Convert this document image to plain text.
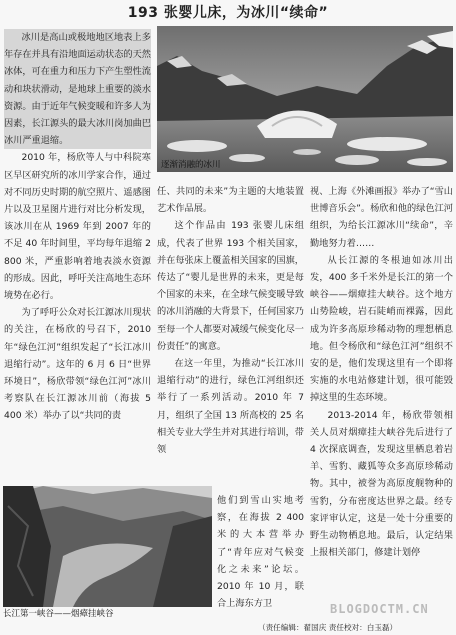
193 张婴儿床，为冰川“续命”
逐渐消融的冰川
长江第一峡谷——烟瘴挂峡谷

冰川是高山或极地地区地表上多年存在并具有沿地面运动状态的天然冰体，可在重力和压力下产生塑性流动和块状滑动，是地球上重要的淡水资源。由于近年气候变暖和许多人为因素，长江源头的最大冰川岗加曲巴冰川严重退缩。

2010 年，杨欣等人与中科院寒区早区研究所的冰川学家合作，通过对不同历史时期的航空照片、遥感图片以及卫星图片进行对比分析发现，该冰川在从 1969 年到 2007 年的不足 40 年时间里，平均每年退缩 2 800 米，严重影响着地表淡水资源的形成。因此，呼吁关注高地生态环境势在必行。

为了呼吁公众对长江源冰川现状的关注，在杨欣的号召下，2010 年“绿色江河”组织发起了“长江冰川退缩行动”。这年的 6 月 6 日“世界环境日”，杨欣带领“绿色江河”冰川考察队在长江源冰川前（海拔 5 400 米）举办了以“共同的责

任、共同的未来”为主题的大地装置艺术作品展。

这个作品由 193 张婴儿床组成，代表了世界 193 个相关国家，并在每张床上覆盖相关国家的国旗，传达了“婴儿是世界的未来，更是每个国家的未来，在全球气候变暖导致的冰川消融的大背景下，任何国家乃至每一个人都要对减缓气候变化尽一份责任”的寓意。

在这一年里，为推动“长江冰川退缩行动”的进行，绿色江河组织还举行了一系列活动。2010 年 7 月，组织了全国 13 所高校的 25 名相关专业大学生并对其进行培训，带领

他们到雪山实地考察，在海拔 2 400 米的大本营举办了“青年应对气候变化之未来”论坛。2010 年 10 月，联合上海东方卫

视、上海《外滩画报》举办了“雪山世博音乐会”。杨欣和他的绿色江河组织，为给长江源冰川“续命”，辛勤地努力着……

从长江源的冬根迪如冰川出发，400 多千米外是长江的第一个峡谷——烟瘴挂大峡谷。这个地方山势险峻，岩石陡峭而裸露，因此成为许多高原珍稀动物的理想栖息地。但令杨欣和“绿色江河”组织不安的是，他们发现这里有一个即将实施的水电站修建计划，很可能毁掉这里的生态环境。

2013-2014 年，杨欣带领相关人员对烟瘴挂大峡谷先后进行了 4 次探底调查，发现这里栖息着岩羊、雪豹、藏狐等众多高原珍稀动物。其中，被誉为高原度舰物种的雪豹，分布密度达世界之最。经专家评审认定，这是一处十分重要的野生动物栖息地。最后，认定结果上报相关部门，修建计划停

（责任编辑：翟国庆 责任校对：白玉磊）
BLOGDOCTM.CN
